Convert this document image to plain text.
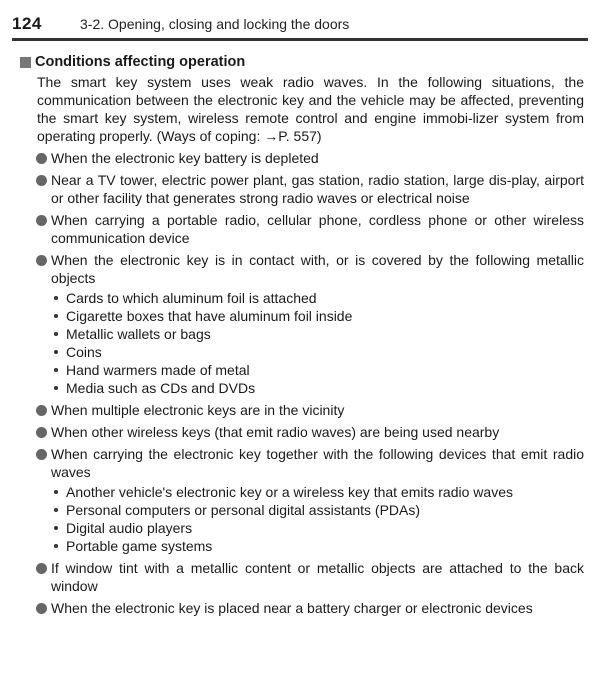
124	3-2. Opening, closing and locking the doors
Conditions affecting operation
The smart key system uses weak radio waves. In the following situations, the communication between the electronic key and the vehicle may be affected, preventing the smart key system, wireless remote control and engine immobi-lizer system from operating properly. (Ways of coping: →P. 557)
When the electronic key battery is depleted
Near a TV tower, electric power plant, gas station, radio station, large dis-play, airport or other facility that generates strong radio waves or electrical noise
When carrying a portable radio, cellular phone, cordless phone or other wireless communication device
When the electronic key is in contact with, or is covered by the following metallic objects
Cards to which aluminum foil is attached
Cigarette boxes that have aluminum foil inside
Metallic wallets or bags
Coins
Hand warmers made of metal
Media such as CDs and DVDs
When multiple electronic keys are in the vicinity
When other wireless keys (that emit radio waves) are being used nearby
When carrying the electronic key together with the following devices that emit radio waves
Another vehicle's electronic key or a wireless key that emits radio waves
Personal computers or personal digital assistants (PDAs)
Digital audio players
Portable game systems
If window tint with a metallic content or metallic objects are attached to the back window
When the electronic key is placed near a battery charger or electronic devices
